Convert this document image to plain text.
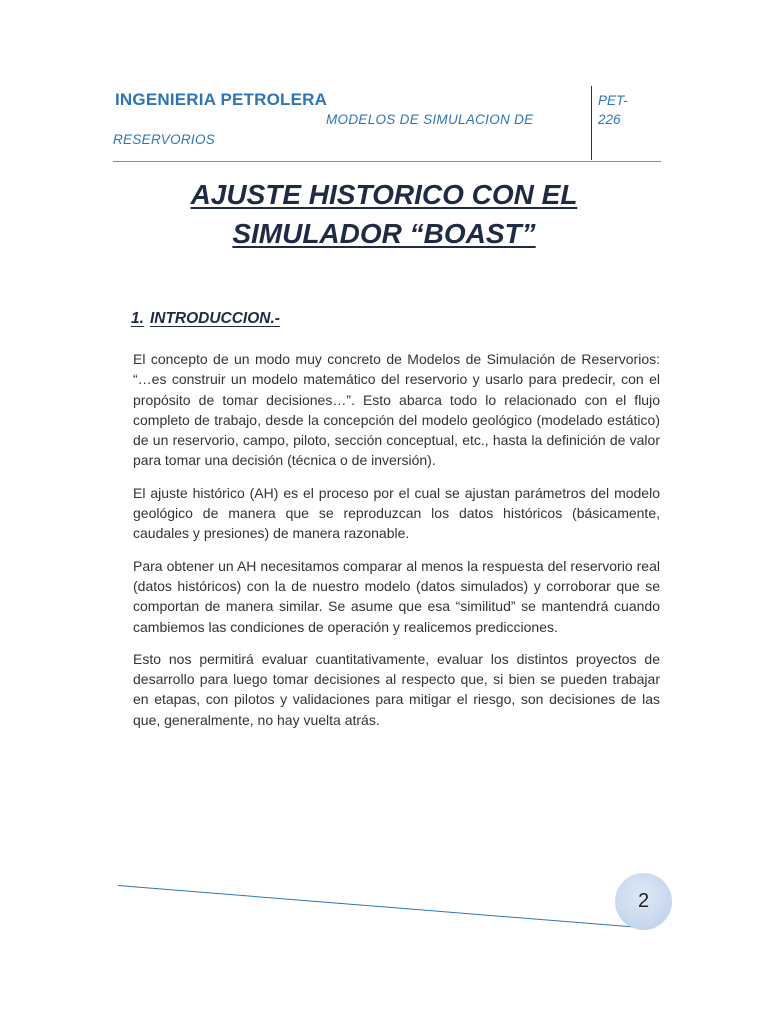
INGENIERIA PETROLERA
MODELOS DE SIMULACION DE
RESERVORIOS
PET-
226
AJUSTE HISTORICO CON EL
SIMULADOR “BOAST”
1. INTRODUCCION.-

El concepto de un modo muy concreto de Modelos de Simulación de Reservorios: “…es construir un modelo matemático del reservorio y usarlo para predecir, con el propósito de tomar decisiones…”. Esto abarca todo lo relacionado con el flujo completo de trabajo, desde la concepción del modelo geológico (modelado estático) de un reservorio, campo, piloto, sección conceptual, etc., hasta la definición de valor para tomar una decisión (técnica o de inversión).

El ajuste histórico (AH) es el proceso por el cual se ajustan parámetros del modelo geológico de manera que se reproduzcan los datos históricos (básicamente, caudales y presiones) de manera razonable.

Para obtener un AH necesitamos comparar al menos la respuesta del reservorio real (datos históricos) con la de nuestro modelo (datos simulados) y corroborar que se comportan de manera similar. Se asume que esa “similitud” se mantendrá cuando cambiemos las condiciones de operación y realicemos predicciones.

Esto nos permitirá evaluar cuantitativamente, evaluar los distintos proyectos de desarrollo para luego tomar decisiones al respecto que, si bien se pueden trabajar en etapas, con pilotos y validaciones para mitigar el riesgo, son decisiones de las que, generalmente, no hay vuelta atrás.

2
